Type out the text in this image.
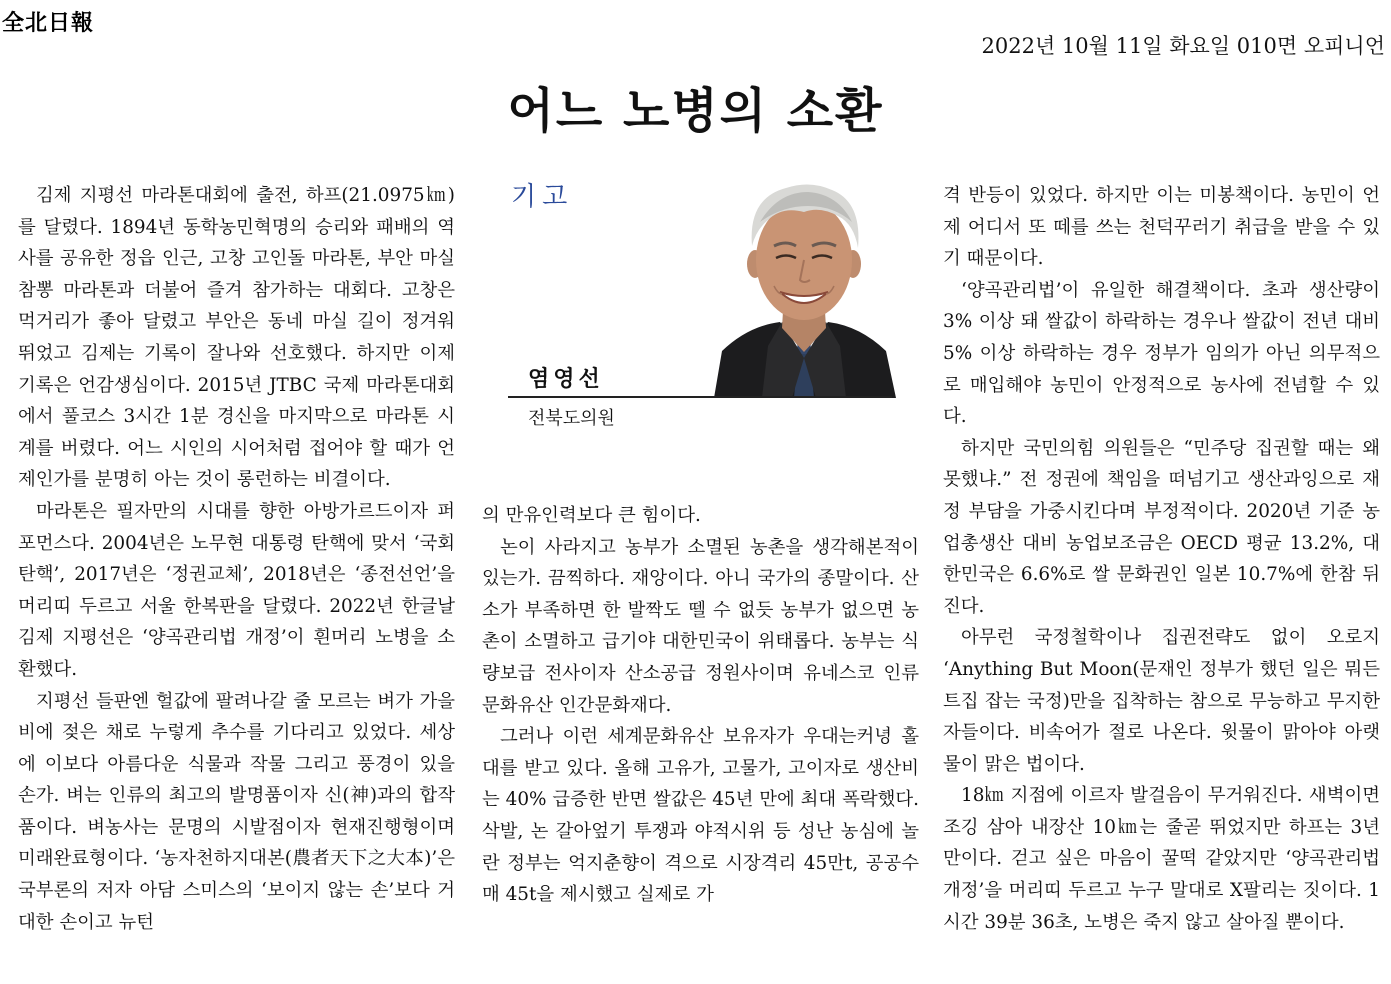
全北日報
2022년 10월 11일 화요일 010면 오피니언
어느 노병의 소환

김제 지평선 마라톤대회에 출전, 하프(21.0975㎞)를 달렸다. 1894년 동학농민혁명의 승리와 패배의 역사를 공유한 정읍 인근, 고창 고인돌 마라톤, 부안 마실 참뽕 마라톤과 더불어 즐겨 참가하는 대회다. 고창은 먹거리가 좋아 달렸고 부안은 동네 마실 길이 정겨워 뛰었고 김제는 기록이 잘나와 선호했다. 하지만 이제 기록은 언감생심이다. 2015년 JTBC 국제 마라톤대회에서 풀코스 3시간 1분 경신을 마지막으로 마라톤 시계를 버렸다. 어느 시인의 시어처럼 접어야 할 때가 언제인가를 분명히 아는 것이 롱런하는 비결이다.

마라톤은 필자만의 시대를 향한 아방가르드이자 퍼포먼스다. 2004년은 노무현 대통령 탄핵에 맞서 ‘국회탄핵’, 2017년은 ‘정권교체’, 2018년은 ‘종전선언’을 머리띠 두르고 서울 한복판을 달렸다. 2022년 한글날 김제 지평선은 ‘양곡관리법 개정’이 흰머리 노병을 소환했다.

지평선 들판엔 헐값에 팔려나갈 줄 모르는 벼가 가을비에 젖은 채로 누렇게 추수를 기다리고 있었다. 세상에 이보다 아름다운 식물과 작물 그리고 풍경이 있을 손가. 벼는 인류의 최고의 발명품이자 신(神)과의 합작품이다. 벼농사는 문명의 시발점이자 현재진행형이며 미래완료형이다. ‘농자천하지대본(農者天下之大本)’은 국부론의 저자 아담 스미스의 ‘보이지 않는 손’보다 거대한 손이고 뉴턴

기고
염영선
전북도의원

의 만유인력보다 큰 힘이다.

논이 사라지고 농부가 소멸된 농촌을 생각해본적이 있는가. 끔찍하다. 재앙이다. 아니 국가의 종말이다. 산소가 부족하면 한 발짝도 뗄 수 없듯 농부가 없으면 농촌이 소멸하고 급기야 대한민국이 위태롭다. 농부는 식량보급 전사이자 산소공급 정원사이며 유네스코 인류문화유산 인간문화재다.

그러나 이런 세계문화유산 보유자가 우대는커녕 홀대를 받고 있다. 올해 고유가, 고물가, 고이자로 생산비는 40% 급증한 반면 쌀값은 45년 만에 최대 폭락했다. 삭발, 논 갈아엎기 투쟁과 야적시위 등 성난 농심에 놀란 정부는 억지춘향이 격으로 시장격리 45만t, 공공수매 45t을 제시했고 실제로 가

격 반등이 있었다. 하지만 이는 미봉책이다. 농민이 언제 어디서 또 떼를 쓰는 천덕꾸러기 취급을 받을 수 있기 때문이다.

‘양곡관리법’이 유일한 해결책이다. 초과 생산량이 3% 이상 돼 쌀값이 하락하는 경우나 쌀값이 전년 대비 5% 이상 하락하는 경우 정부가 임의가 아닌 의무적으로 매입해야 농민이 안정적으로 농사에 전념할 수 있다.

하지만 국민의힘 의원들은 “민주당 집권할 때는 왜 못했냐.” 전 정권에 책임을 떠넘기고 생산과잉으로 재정 부담을 가중시킨다며 부정적이다. 2020년 기준 농업총생산 대비 농업보조금은 OECD 평균 13.2%, 대한민국은 6.6%로 쌀 문화권인 일본 10.7%에 한참 뒤진다.

아무런 국정철학이나 집권전략도 없이 오로지 ‘Anything But Moon(문재인 정부가 했던 일은 뭐든 트집 잡는 국정)만을 집착하는 참으로 무능하고 무지한 자들이다. 비속어가 절로 나온다. 윗물이 맑아야 아랫물이 맑은 법이다.

18㎞ 지점에 이르자 발걸음이 무거워진다. 새벽이면 조깅 삼아 내장산 10㎞는 줄곧 뛰었지만 하프는 3년 만이다. 걷고 싶은 마음이 꿀떡 같았지만 ‘양곡관리법 개정’을 머리띠 두르고 누구 말대로 X팔리는 짓이다. 1시간 39분 36초, 노병은 죽지 않고 살아질 뿐이다.
